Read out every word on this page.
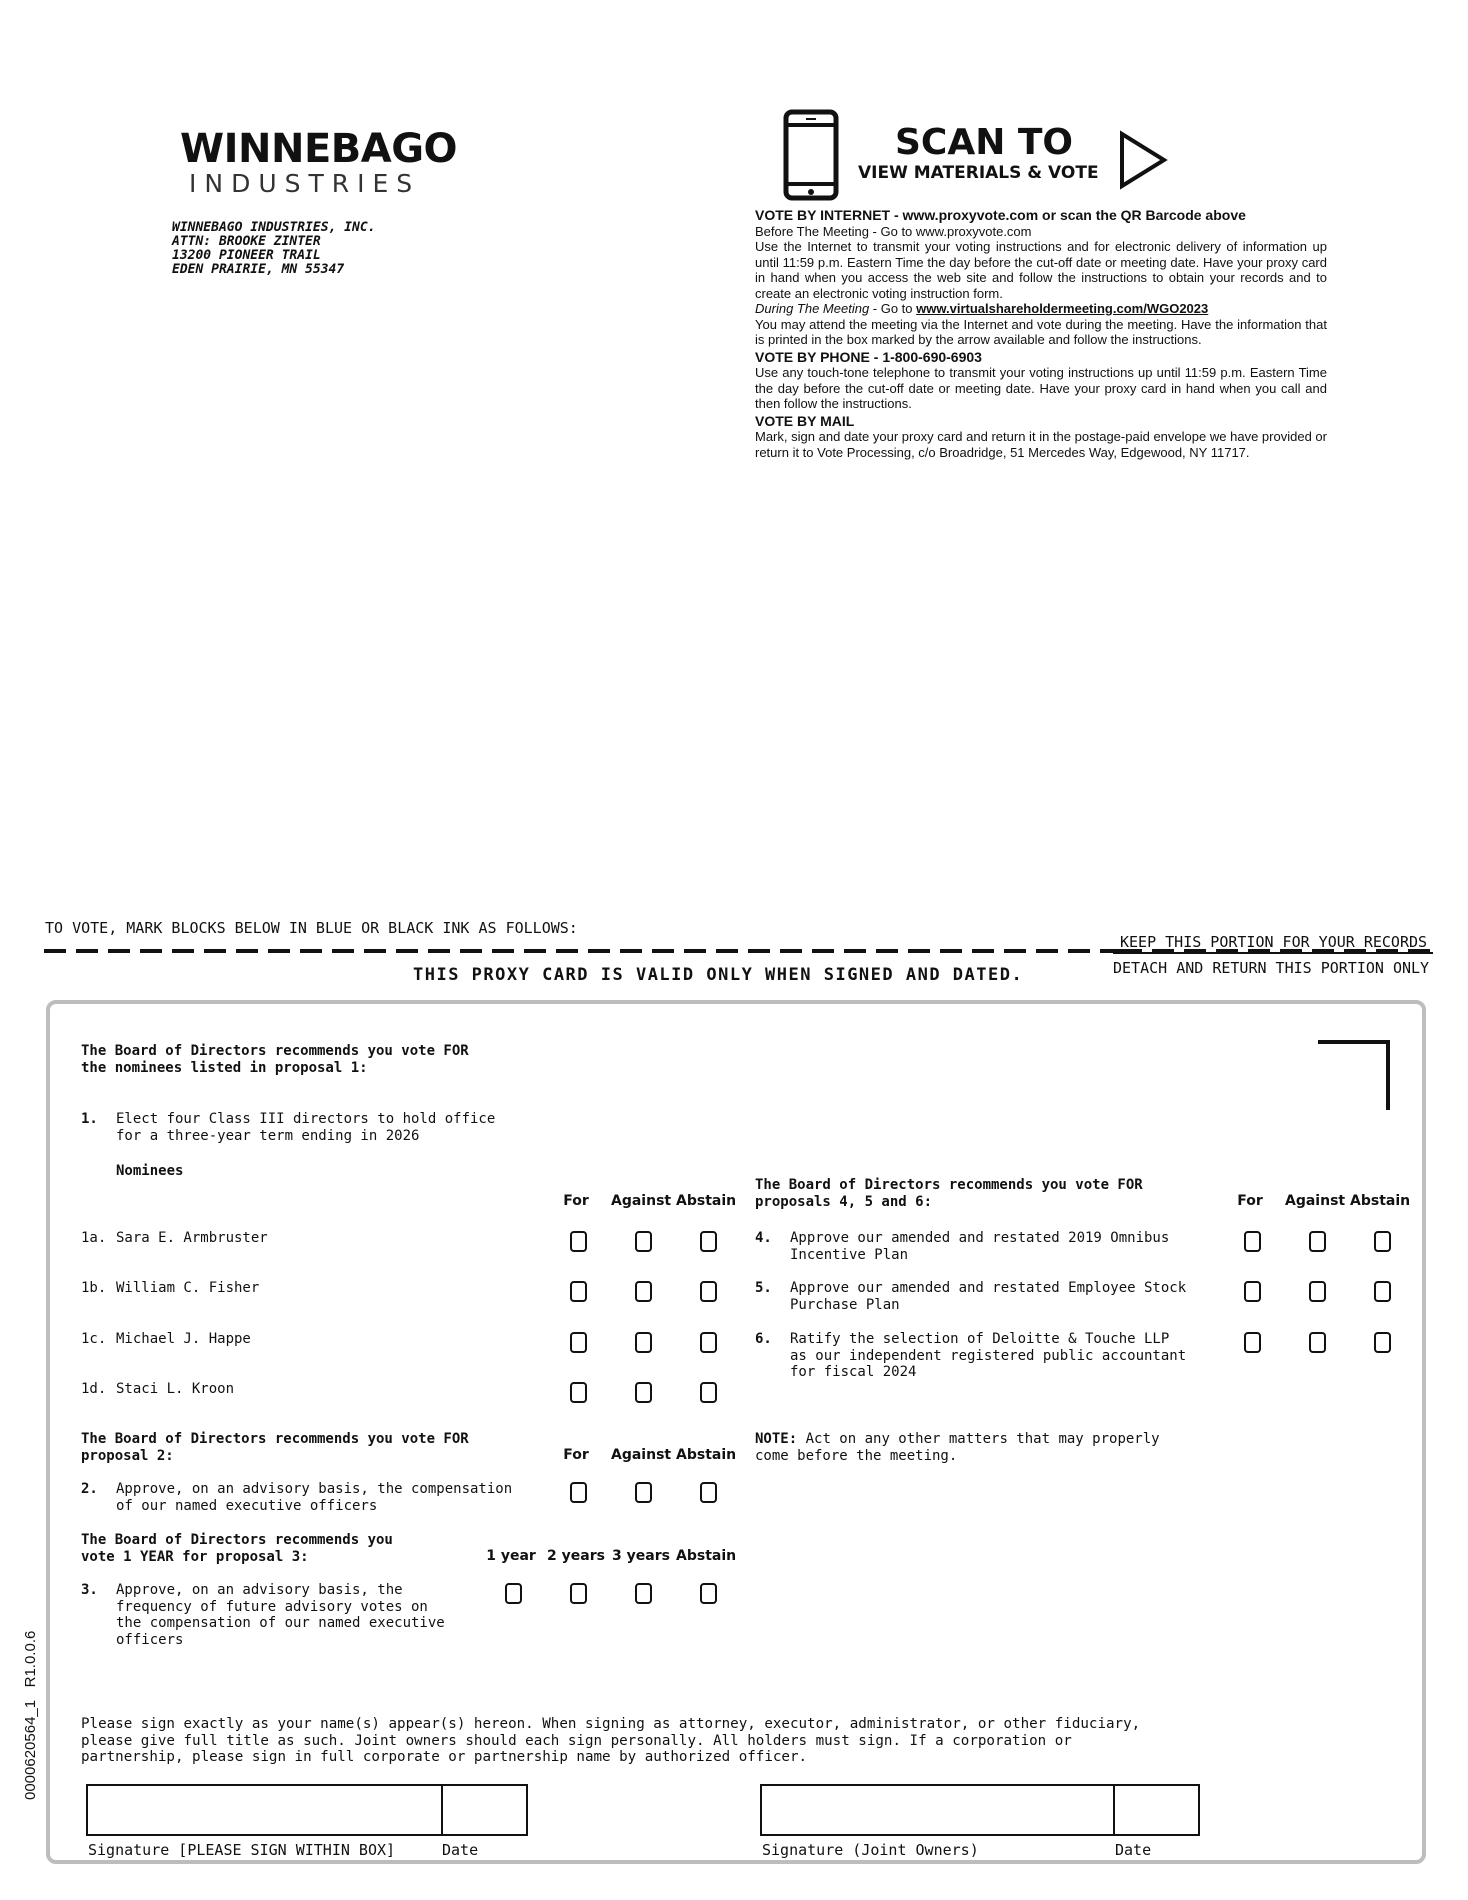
WINNEBAGO
INDUSTRIES
WINNEBAGO INDUSTRIES, INC.
ATTN: BROOKE ZINTER
13200 PIONEER TRAIL
EDEN PRAIRIE, MN 55347
SCAN TO
VIEW MATERIALS & VOTE
VOTE BY INTERNET - www.proxyvote.com or scan the QR Barcode above

Before The Meeting - Go to www.proxyvote.com

Use the Internet to transmit your voting instructions and for electronic delivery of information up until 11:59 p.m. Eastern Time the day before the cut-off date or meeting date. Have your proxy card in hand when you access the web site and follow the instructions to obtain your records and to create an electronic voting instruction form.

During The Meeting - Go to www.virtualshareholdermeeting.com/WGO2023

You may attend the meeting via the Internet and vote during the meeting. Have the information that is printed in the box marked by the arrow available and follow the instructions.

VOTE BY PHONE - 1-800-690-6903

Use any touch-tone telephone to transmit your voting instructions up until 11:59 p.m. Eastern Time the day before the cut-off date or meeting date. Have your proxy card in hand when you call and then follow the instructions.

VOTE BY MAIL

Mark, sign and date your proxy card and return it in the postage-paid envelope we have provided or return it to Vote Processing, c/o Broadridge, 51 Mercedes Way, Edgewood, NY 11717.

TO VOTE, MARK BLOCKS BELOW IN BLUE OR BLACK INK AS FOLLOWS:
KEEP THIS PORTION FOR YOUR RECORDS
DETACH AND RETURN THIS PORTION ONLY
THIS PROXY CARD IS VALID ONLY WHEN SIGNED AND DATED.
0000620564_1   R1.0.0.6
The Board of Directors recommends you vote FOR
the nominees listed in proposal 1:
1. Elect four Class III directors to hold office
for a three-year term ending in 2026
Nominees
For	Against Abstain
1a. Sara E. Armbruster
1b. William C. Fisher
1c. Michael J. Happe
1d. Staci L. Kroon
The Board of Directors recommends you vote FOR
proposal 2:	For	Against Abstain
2. Approve, on an advisory basis, the compensation
of our named executive officers
The Board of Directors recommends you
vote 1 YEAR for proposal 3:	1 year 2 years 3 years Abstain
3. Approve, on an advisory basis, the
frequency of future advisory votes on
the compensation of our named executive
officers
The Board of Directors recommends you vote FOR
proposals 4, 5 and 6:	For	Against Abstain
4. Approve our amended and restated 2019 Omnibus
Incentive Plan
5. Approve our amended and restated Employee Stock
Purchase Plan
6. Ratify the selection of Deloitte & Touche LLP
as our independent registered public accountant
for fiscal 2024
NOTE: Act on any other matters that may properly
come before the meeting.
Please sign exactly as your name(s) appear(s) hereon. When signing as attorney, executor, administrator, or other fiduciary,
please give full title as such. Joint owners should each sign personally. All holders must sign. If a corporation or
partnership, please sign in full corporate or partnership name by authorized officer.
Signature [PLEASE SIGN WITHIN BOX]	Date	Signature (Joint Owners)	Date
